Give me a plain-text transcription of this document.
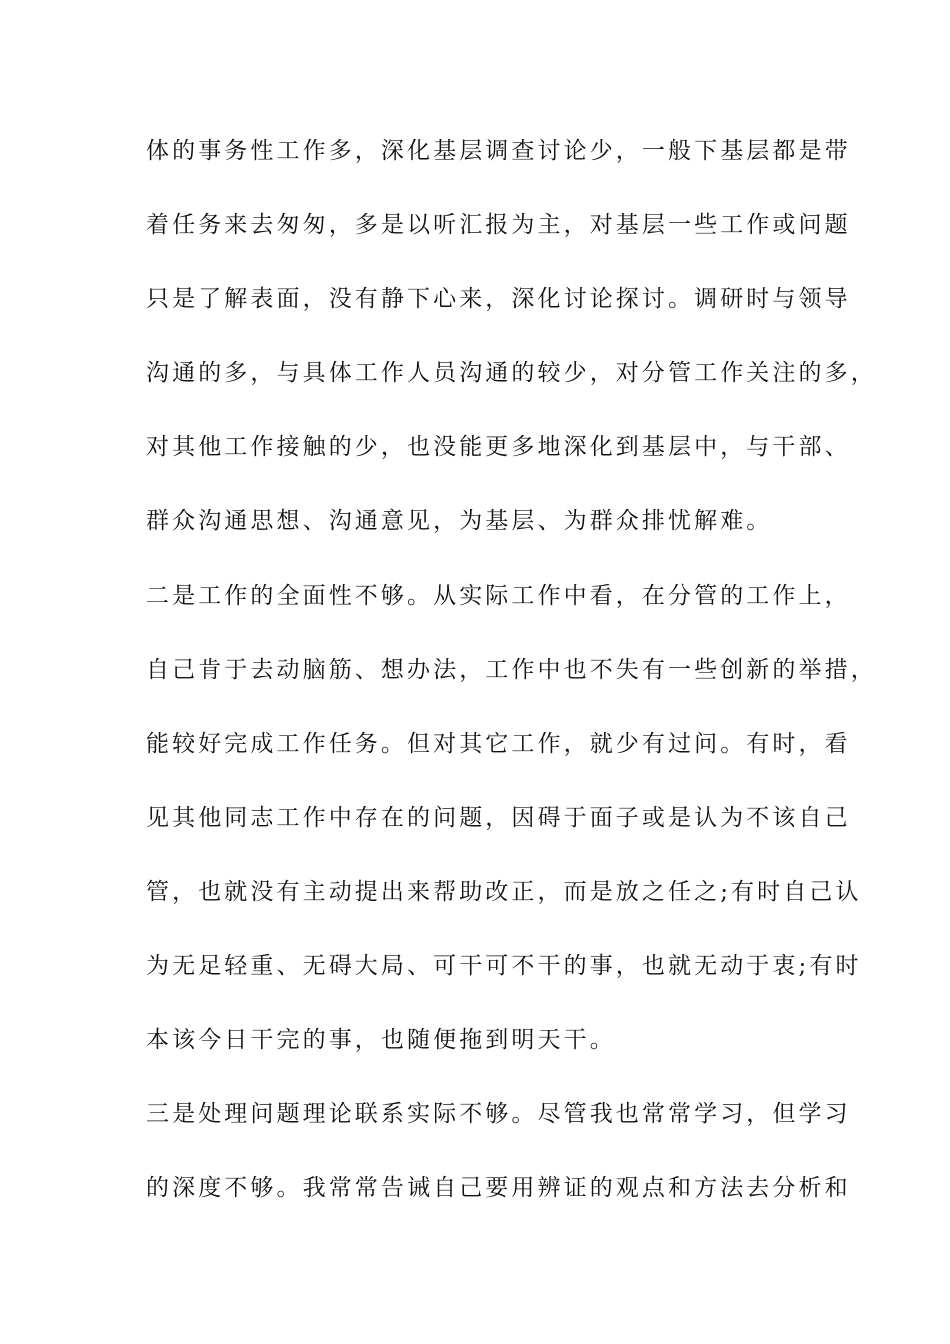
体的事务性工作多，深化基层调查讨论少，一般下基层都是带
着任务来去匆匆，多是以听汇报为主，对基层一些工作或问题
只是了解表面，没有静下心来，深化讨论探讨。调研时与领导
沟通的多，与具体工作人员沟通的较少，对分管工作关注的多，
对其他工作接触的少，也没能更多地深化到基层中，与干部、
群众沟通思想、沟通意见，为基层、为群众排忧解难。
二是工作的全面性不够。从实际工作中看，在分管的工作上，
自己肯于去动脑筋、想办法，工作中也不失有一些创新的举措，
能较好完成工作任务。但对其它工作，就少有过问。有时，看
见其他同志工作中存在的问题，因碍于面子或是认为不该自己
管，也就没有主动提出来帮助改正，而是放之任之;有时自己认
为无足轻重、无碍大局、可干可不干的事，也就无动于衷;有时
本该今日干完的事，也随便拖到明天干。
三是处理问题理论联系实际不够。尽管我也常常学习，但学习
的深度不够。我常常告诫自己要用辨证的观点和方法去分析和
